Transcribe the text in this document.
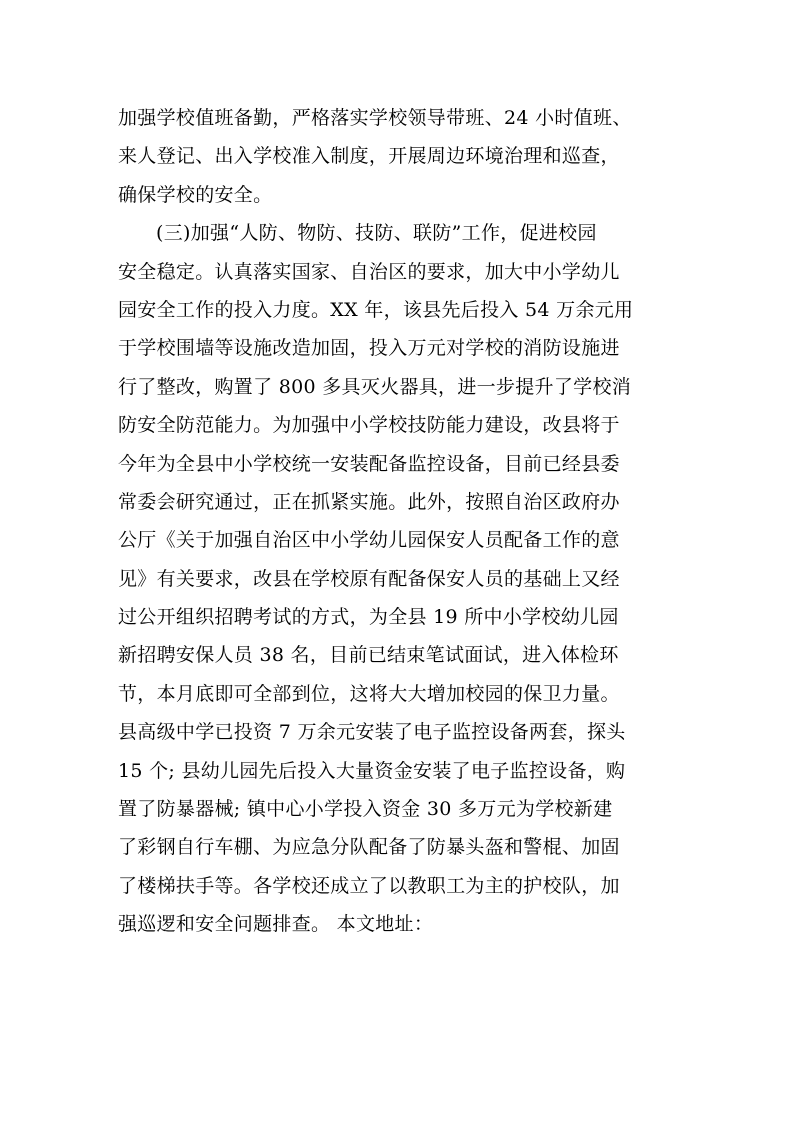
加强学校值班备勤，严格落实学校领导带班、24 小时值班、
来人登记、出入学校准入制度，开展周边环境治理和巡查，
确保学校的安全。
(三)加强“人防、物防、技防、联防”工作，促进校园
安全稳定。认真落实国家、自治区的要求，加大中小学幼儿
园安全工作的投入力度。XX 年，该县先后投入 54 万余元用
于学校围墙等设施改造加固，投入万元对学校的消防设施进
行了整改，购置了 800 多具灭火器具，进一步提升了学校消
防安全防范能力。为加强中小学校技防能力建设，改县将于
今年为全县中小学校统一安装配备监控设备，目前已经县委
常委会研究通过，正在抓紧实施。此外，按照自治区政府办
公厅《关于加强自治区中小学幼儿园保安人员配备工作的意
见》有关要求，改县在学校原有配备保安人员的基础上又经
过公开组织招聘考试的方式，为全县 19 所中小学校幼儿园
新招聘安保人员 38 名，目前已结束笔试面试，进入体检环
节，本月底即可全部到位，这将大大增加校园的保卫力量。
县高级中学已投资 7 万余元安装了电子监控设备两套，探头
15 个; 县幼儿园先后投入大量资金安装了电子监控设备，购
置了防暴器械; 镇中心小学投入资金 30 多万元为学校新建
了彩钢自行车棚、为应急分队配备了防暴头盔和警棍、加固
了楼梯扶手等。各学校还成立了以教职工为主的护校队，加
强巡逻和安全问题排查。 本文地址：
